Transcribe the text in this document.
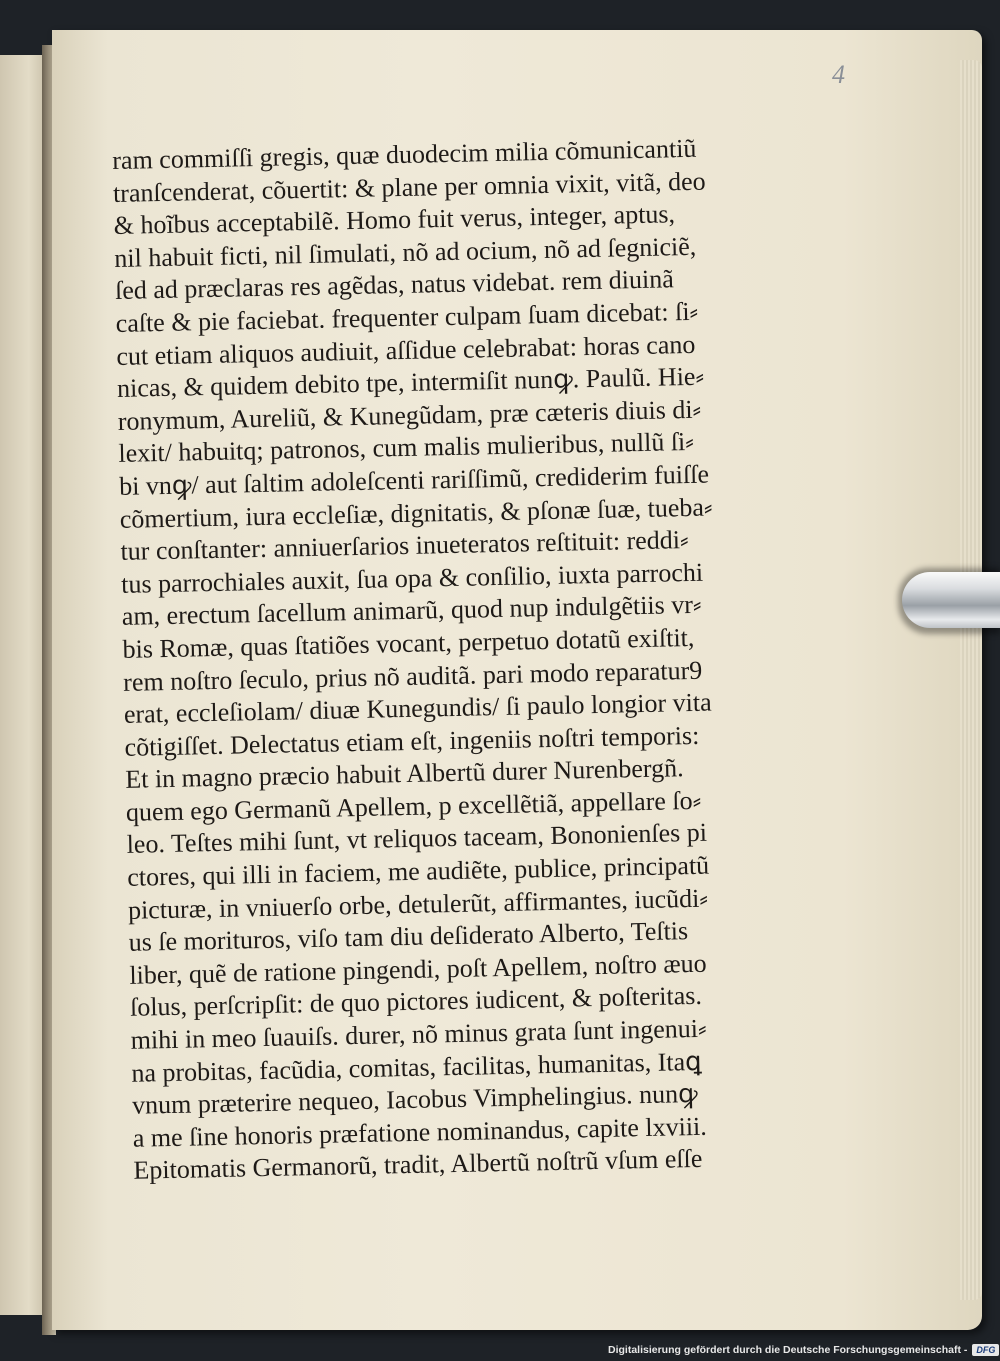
4
ram commiſſi gregis, quæ duodecim milia cõmunicantiũ
tranſcenderat, cõuertit: & plane per omnia vixit, vitã, deo
& hoĩbus acceptabilẽ. Homo fuit verus, integer, aptus,
nil habuit ficti, nil ſimulati, nõ ad ocium, nõ ad ſegniciẽ,
ſed ad præclaras res agẽdas, natus videbat. rem diuinã
caſte & pie faciebat. frequenter culpam ſuam dicebat: ſi⸗
cut etiam aliquos audiuit, aſſidue celebrabat: horas cano
nicas, & quidem debito tpe, intermiſit nunꝙ. Paulũ. Hie⸗
ronymum, Aureliũ, & Kunegũdam, præ cæteris diuis di⸗
lexit/ habuitq; patronos, cum malis mulieribus, nullũ ſi⸗
bi vnꝙ/ aut ſaltim adoleſcenti rariſſimũ, crediderim fuiſſe
cõmertium, iura eccleſiæ, dignitatis, & pſonæ ſuæ, tueba⸗
tur conſtanter: anniuerſarios inueteratos reſtituit: reddi⸗
tus parrochiales auxit, ſua opa & conſilio, iuxta parrochi
am, erectum ſacellum animarũ, quod nup indulgẽtiis vr⸗
bis Romæ, quas ſtatiões vocant, perpetuo dotatũ exiſtit,
rem noſtro ſeculo, prius nõ auditã. pari modo reparatur9
erat, eccleſiolam/ diuæ Kunegundis/ ſi paulo longior vita
cõtigiſſet. Delectatus etiam eſt, ingeniis noſtri temporis:
Et in magno præcio habuit Albertũ durer Nurenbergñ.
quem ego Germanũ Apellem, p excellẽtiã, appellare ſo⸗
leo. Teſtes mihi ſunt, vt reliquos taceam, Bononienſes pi
ctores, qui illi in faciem, me audiẽte, publice, principatũ
picturæ, in vniuerſo orbe, detulerũt, affirmantes, iucũdi⸗
us ſe morituros, viſo tam diu deſiderato Alberto, Teſtis
liber, quẽ de ratione pingendi, poſt Apellem, noſtro æuo
ſolus, perſcripſit: de quo pictores iudicent, & poſteritas.
mihi in meo ſuauiſs. durer, nõ minus grata ſunt ingenui⸗
na probitas, facũdia, comitas, facilitas, humanitas, Itaꝗ
vnum præterire nequeo, Iacobus Vimphelingius. nunꝙ
a me ſine honoris præfatione nominandus, capite lxviii.
Epitomatis Germanorũ, tradit, Albertũ noſtrũ vſum eſſe
Digitalisierung gefördert durch die Deutsche Forschungsgemeinschaft -	DFG
